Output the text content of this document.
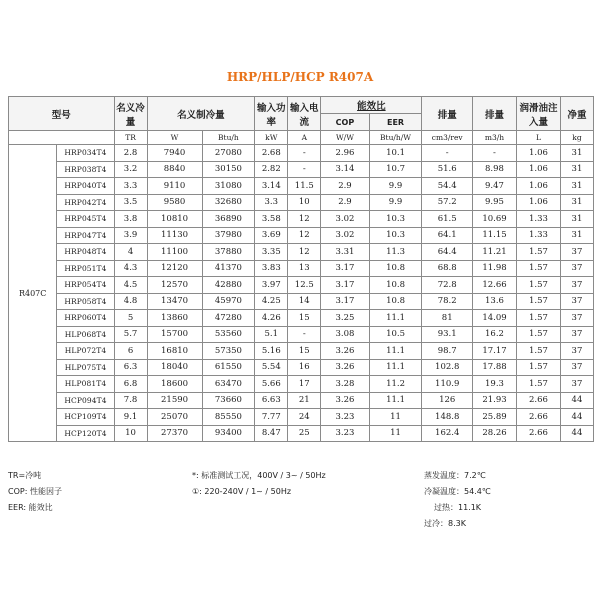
HRP/HLP/HCP R407A
型号		名义冷量	名义制冷量		输入功率	输入电流	能效比		排量	排量	润滑油注入量	净重
							COP	EER				
		TR	W	Btu/h	kW	A	W/W	Btu/h/W	cm3/rev	m3/h	L	kg
R407C	HRP034T4	2.8	7940	27080	2.68	-	2.96	10.1	-	-	1.06	31
	HRP038T4	3.2	8840	30150	2.82	-	3.14	10.7	51.6	8.98	1.06	31
	HRP040T4	3.3	9110	31080	3.14	11.5	2.9	9.9	54.4	9.47	1.06	31
	HRP042T4	3.5	9580	32680	3.3	10	2.9	9.9	57.2	9.95	1.06	31
	HRP045T4	3.8	10810	36890	3.58	12	3.02	10.3	61.5	10.69	1.33	31
	HRP047T4	3.9	11130	37980	3.69	12	3.02	10.3	64.1	11.15	1.33	31
	HRP048T4	4	11100	37880	3.35	12	3.31	11.3	64.4	11.21	1.57	37
	HRP051T4	4.3	12120	41370	3.83	13	3.17	10.8	68.8	11.98	1.57	37
	HRP054T4	4.5	12570	42880	3.97	12.5	3.17	10.8	72.8	12.66	1.57	37
	HRP058T4	4.8	13470	45970	4.25	14	3.17	10.8	78.2	13.6	1.57	37
	HRP060T4	5	13860	47280	4.26	15	3.25	11.1	81	14.09	1.57	37
	HLP068T4	5.7	15700	53560	5.1	-	3.08	10.5	93.1	16.2	1.57	37
	HLP072T4	6	16810	57350	5.16	15	3.26	11.1	98.7	17.17	1.57	37
	HLP075T4	6.3	18040	61550	5.54	16	3.26	11.1	102.8	17.88	1.57	37
	HLP081T4	6.8	18600	63470	5.66	17	3.28	11.2	110.9	19.3	1.57	37
	HCP094T4	7.8	21590	73660	6.63	21	3.26	11.1	126	21.93	2.66	44
	HCP109T4	9.1	25070	85550	7.77	24	3.23	11	148.8	25.89	2.66	44
	HCP120T4	10	27370	93400	8.47	25	3.23	11	162.4	28.26	2.66	44
TR=冷吨
COP: 性能因子
EER: 能效比
*: 标准测试工况，400V / 3~ / 50Hz
①: 220-240V / 1~ / 50Hz
蒸发温度：7.2℃
冷凝温度：54.4℃
过热：11.1K
过冷：8.3K
